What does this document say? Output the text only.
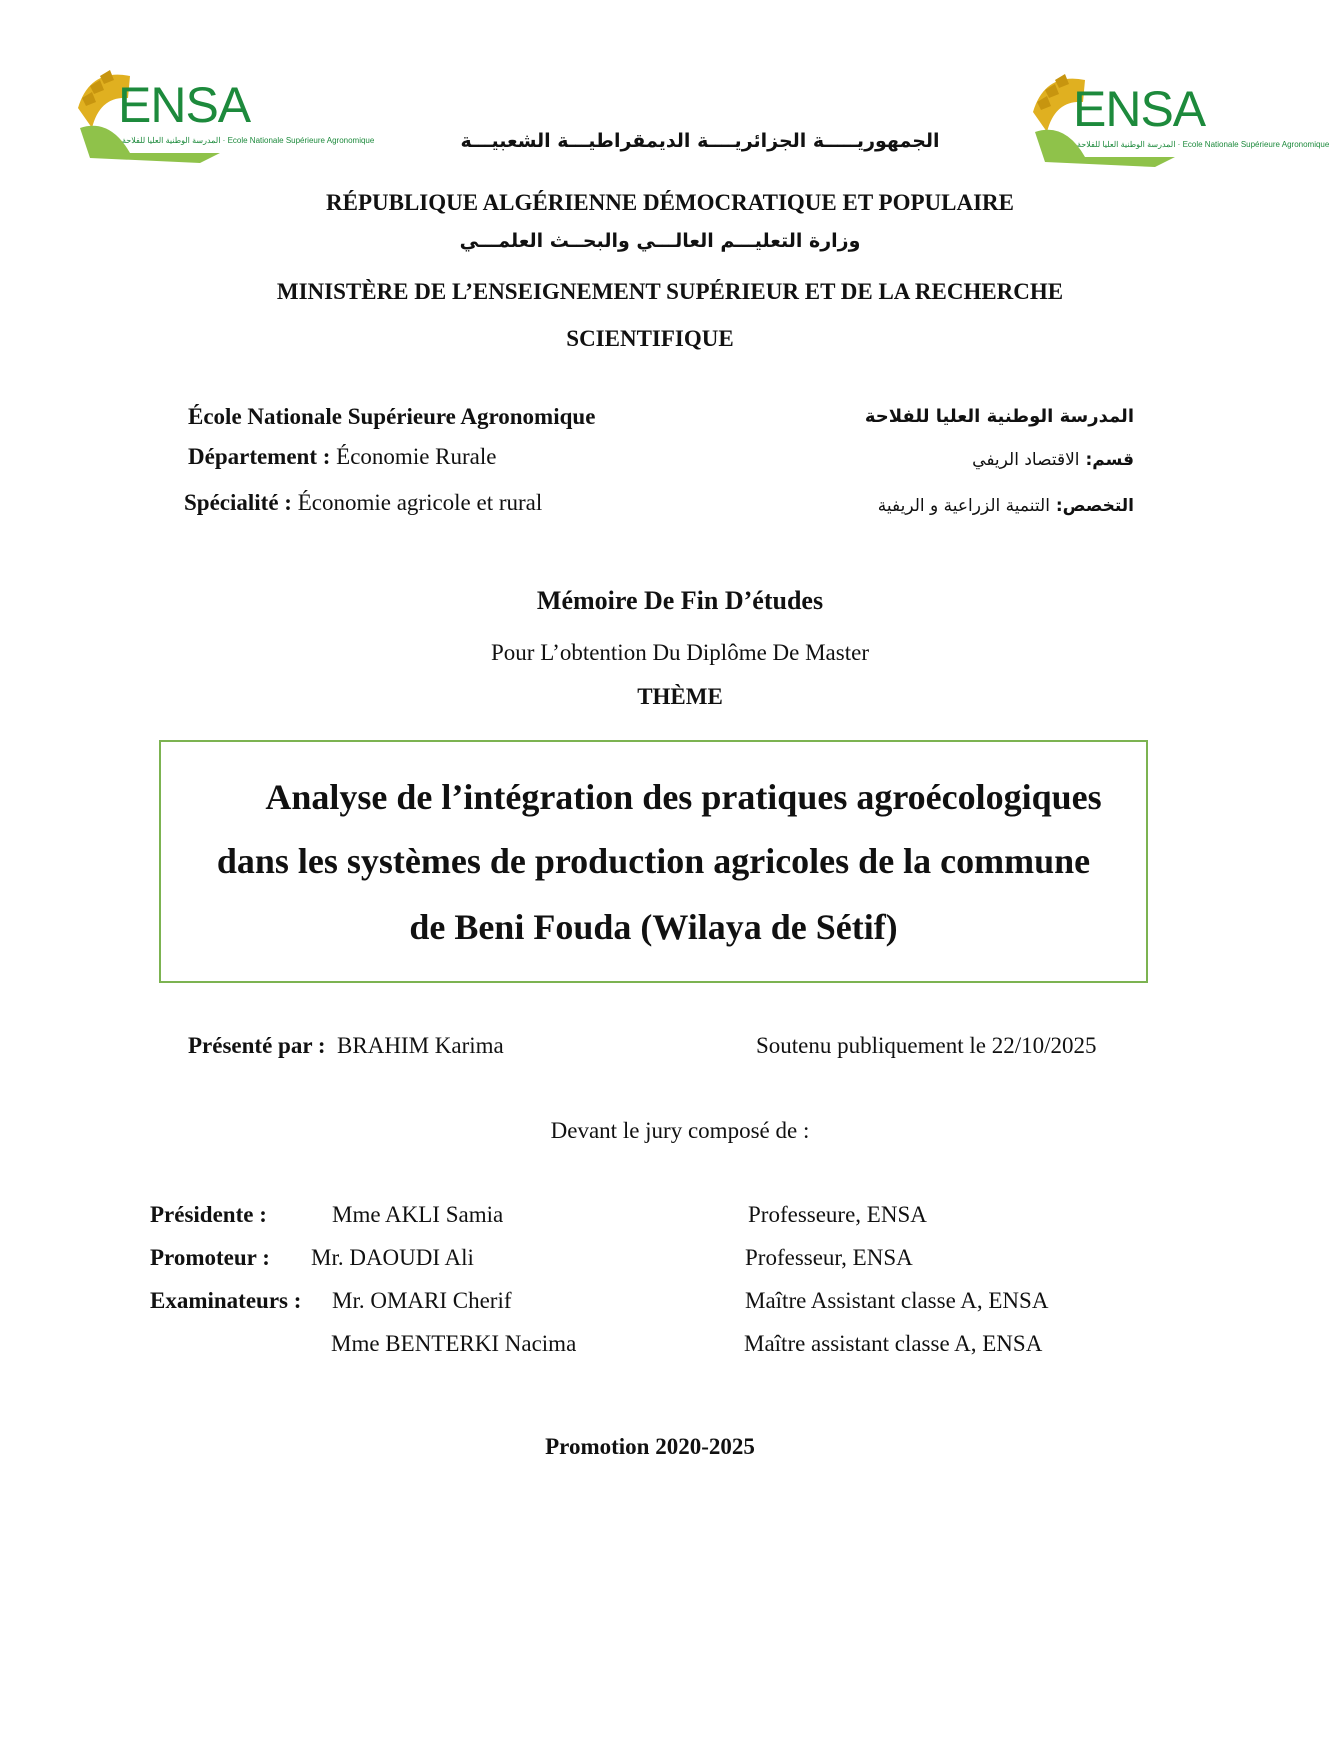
ENSA
المدرسة الوطنية العليا للفلاحة · Ecole Nationale Supérieure Agronomique
ENSA
المدرسة الوطنية العليا للفلاحة · Ecole Nationale Supérieure Agronomique
الجمهوريـــــة الجزائريــــة الديمقراطيـــة الشعبيـــة
RÉPUBLIQUE ALGÉRIENNE DÉMOCRATIQUE ET POPULAIRE
وزارة التعليـــم العالـــي والبحــث العلمـــي
MINISTÈRE DE L’ENSEIGNEMENT SUPÉRIEUR ET DE LA RECHERCHE
SCIENTIFIQUE
École Nationale Supérieure Agronomique	المدرسة الوطنية العليا للفلاحة
Département : Économie Rurale	قسم: الاقتصاد الريفي
Spécialité : Économie agricole et rural	التخصص: التنمية الزراعية و الريفية
Mémoire De Fin D’études
Pour L’obtention Du Diplôme De Master
THÈME
Analyse de l’intégration des pratiques agroécologiques
dans les systèmes de production agricoles de la commune
de Beni Fouda (Wilaya de Sétif)
Présenté par : BRAHIM Karima	Soutenu publiquement le 22/10/2025
Devant le jury composé de :
Présidente :	Mme AKLI Samia	Professeure, ENSA
Promoteur : Mr. DAOUDI Ali	Professeur, ENSA
Examinateurs : Mr. OMARI Cherif	Maître Assistant classe A, ENSA
Mme BENTERKI Nacima	Maître assistant classe A, ENSA
Promotion 2020-2025
